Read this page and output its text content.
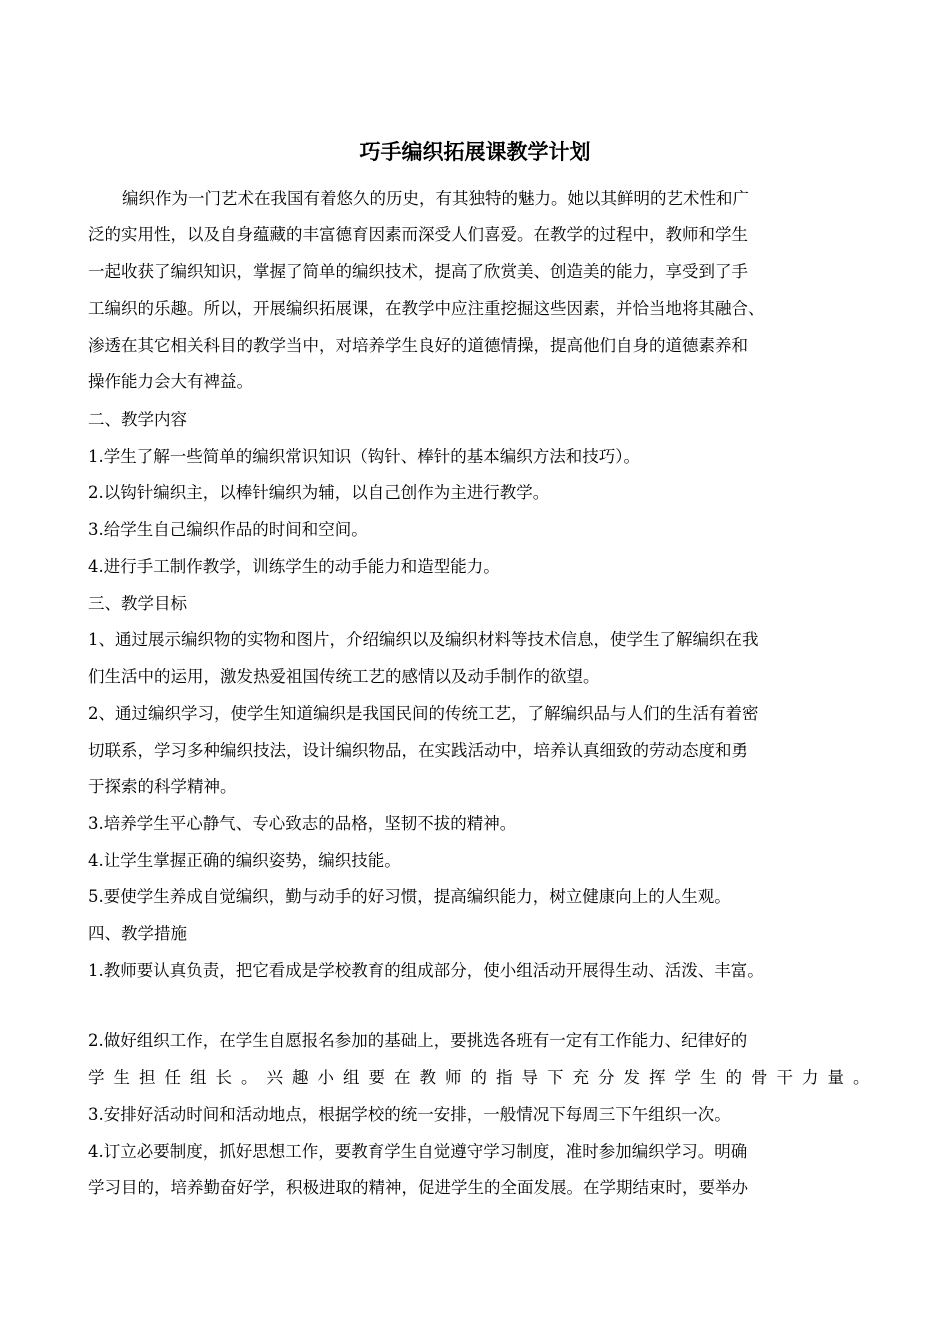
巧手编织拓展课教学计划
编织作为一门艺术在我国有着悠久的历史，有其独特的魅力。她以其鲜明的艺术性和广
泛的实用性，以及自身蕴藏的丰富德育因素而深受人们喜爱。在教学的过程中，教师和学生
一起收获了编织知识，掌握了简单的编织技术，提高了欣赏美、创造美的能力，享受到了手
工编织的乐趣。所以，开展编织拓展课，在教学中应注重挖掘这些因素，并恰当地将其融合、
渗透在其它相关科目的教学当中，对培养学生良好的道德情操，提高他们自身的道德素养和
操作能力会大有裨益。
二、教学内容
1.学生了解一些简单的编织常识知识（钩针、棒针的基本编织方法和技巧）。
2.以钩针编织主，以棒针编织为辅，以自己创作为主进行教学。
3.给学生自己编织作品的时间和空间。
4.进行手工制作教学，训练学生的动手能力和造型能力。
三、教学目标
1、通过展示编织物的实物和图片，介绍编织以及编织材料等技术信息，使学生了解编织在我
们生活中的运用，激发热爱祖国传统工艺的感情以及动手制作的欲望。
2、通过编织学习，使学生知道编织是我国民间的传统工艺，了解编织品与人们的生活有着密
切联系，学习多种编织技法，设计编织物品，在实践活动中，培养认真细致的劳动态度和勇
于探索的科学精神。
3.培养学生平心静气、专心致志的品格，坚韧不拔的精神。
4.让学生掌握正确的编织姿势，编织技能。
5.要使学生养成自觉编织，勤与动手的好习惯，提高编织能力，树立健康向上的人生观。
四、教学措施
1.教师要认真负责，把它看成是学校教育的组成部分，使小组活动开展得生动、活泼、丰富。
2.做好组织工作，在学生自愿报名参加的基础上，要挑选各班有一定有工作能力、纪律好的
学生担任组长。兴趣小组要在教师的指导下充分发挥学生的骨干力量。
3.安排好活动时间和活动地点，根据学校的统一安排，一般情况下每周三下午组织一次。
4.订立必要制度，抓好思想工作，要教育学生自觉遵守学习制度，准时参加编织学习。明确
学习目的，培养勤奋好学，积极进取的精神，促进学生的全面发展。在学期结束时，要举办
